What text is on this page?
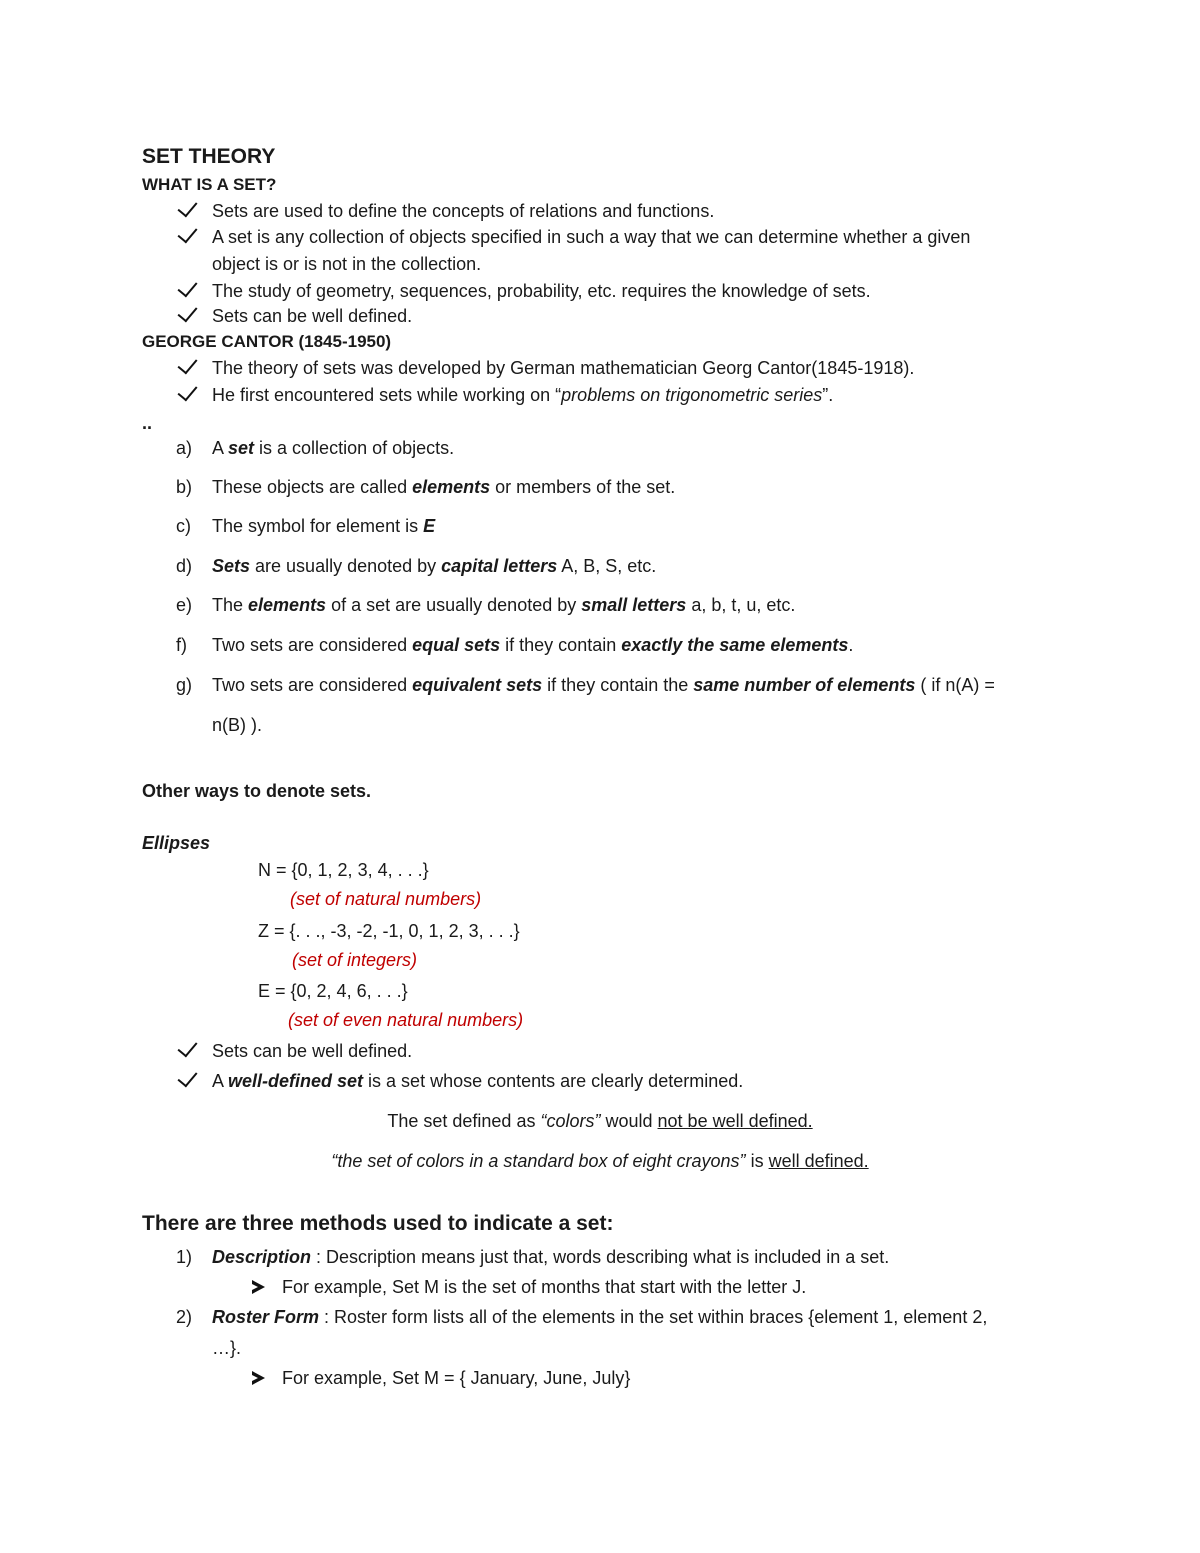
SET THEORY
WHAT IS A SET?
Sets are used to define the concepts of relations and functions.
A set is any collection of objects specified in such a way that we can determine whether a given
object is or is not in the collection.
The study of geometry, sequences, probability, etc. requires the knowledge of sets.
Sets can be well defined.
GEORGE CANTOR (1845-1950)
The theory of sets was developed by German mathematician Georg Cantor(1845-1918).
He first encountered sets while working on “problems on trigonometric series”.
..
a) A set is a collection of objects.
b) These objects are called elements or members of the set.
c) The symbol for element is E
d) Sets are usually denoted by capital letters A, B, S, etc.
e) The elements of a set are usually denoted by small letters a, b, t, u, etc.
f) Two sets are considered equal sets if they contain exactly the same elements.
g) Two sets are considered equivalent sets if they contain the same number of elements ( if n(A) =
n(B) ).
Other ways to denote sets.
Ellipses
N = {0, 1, 2, 3, 4, . . .}
(set of natural numbers)
Z = {. . ., -3, -2, -1, 0, 1, 2, 3, . . .}
(set of integers)
E = {0, 2, 4, 6, . . .}
(set of even natural numbers)
Sets can be well defined.
A well-defined set is a set whose contents are clearly determined.
The set defined as “colors” would not be well defined.
“the set of colors in a standard box of eight crayons” is well defined.
There are three methods used to indicate a set:
1) Description : Description means just that, words describing what is included in a set.
For example, Set M is the set of months that start with the letter J.
2) Roster Form : Roster form lists all of the elements in the set within braces {element 1, element 2,
…}.
For example, Set M = { January, June, July}
